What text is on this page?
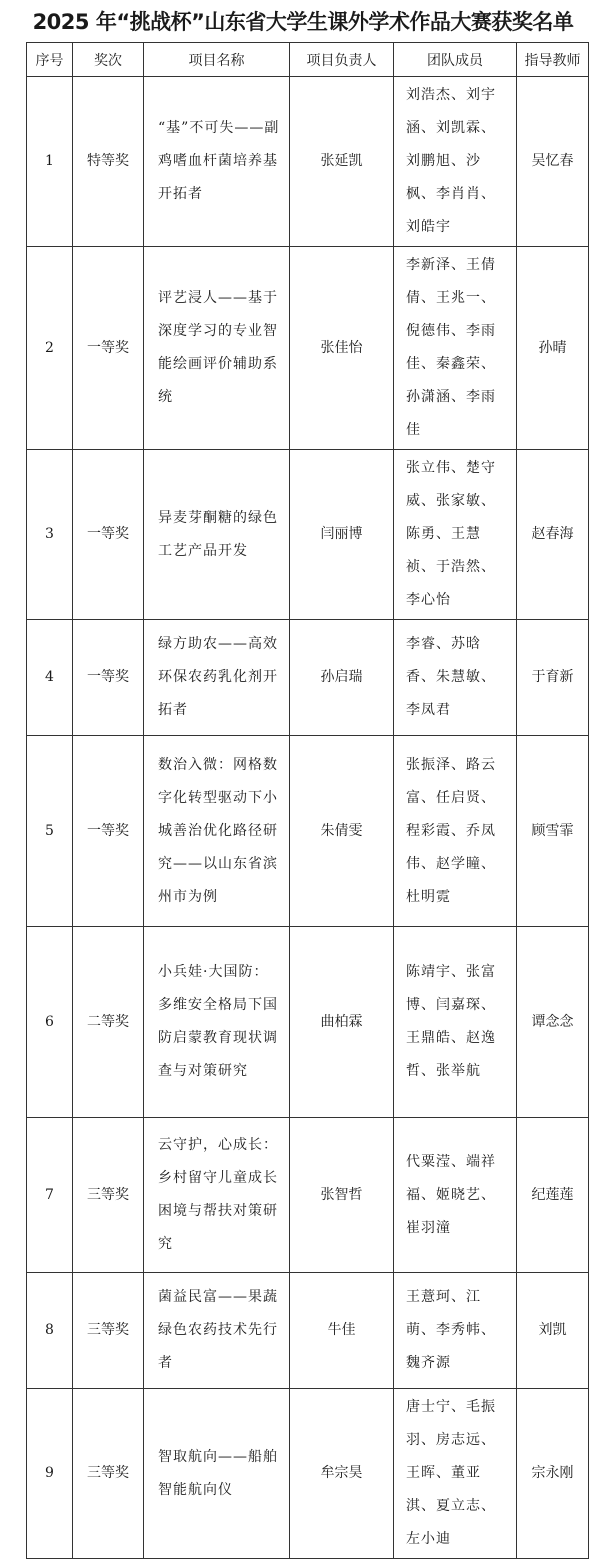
2025 年“挑战杯”山东省大学生课外学术作品大赛获奖名单
序号	奖次	项目名称	项目负责人	团队成员	指导教师
1	特等奖	“基”不可失——副鸡嗜血杆菌培养基开拓者	张延凯	刘浩杰、刘宇涵、刘凯霖、刘鹏旭、沙枫、李肖肖、刘皓宇	吴忆春
2	一等奖	评艺浸人——基于深度学习的专业智能绘画评价辅助系统	张佳怡	李新泽、王倩倩、王兆一、倪德伟、李雨佳、秦鑫荣、孙潇涵、李雨佳	孙晴
3	一等奖	异麦芽酮糖的绿色工艺产品开发	闫丽博	张立伟、楚守威、张家敏、陈勇、王慧祯、于浩然、李心怡	赵春海
4	一等奖	绿方助农——高效环保农药乳化剂开拓者	孙启瑞	李睿、苏晗香、朱慧敏、李凤君	于育新
5	一等奖	数治入微：网格数字化转型驱动下小城善治优化路径研究——以山东省滨州市为例	朱倩雯	张振泽、路云富、任启贤、程彩霞、乔凤伟、赵学瞳、杜明霓	顾雪霏
6	二等奖	小兵娃·大国防：多维安全格局下国防启蒙教育现状调查与对策研究	曲柏霖	陈靖宇、张富博、闫嘉琛、王鼎皓、赵逸哲、张举航	谭念念
7	三等奖	云守护，心成长：乡村留守儿童成长困境与帮扶对策研究	张智哲	代粟滢、端祥福、姬晓艺、崔羽潼	纪莲莲
8	三等奖	菌益民富——果蔬绿色农药技术先行者	牛佳	王薏珂、江萌、李秀帏、魏齐源	刘凯
9	三等奖	智取航向——船舶智能航向仪	牟宗昊	唐士宁、毛振羽、房志远、王晖、董亚淇、夏立志、左小迪	宗永刚
